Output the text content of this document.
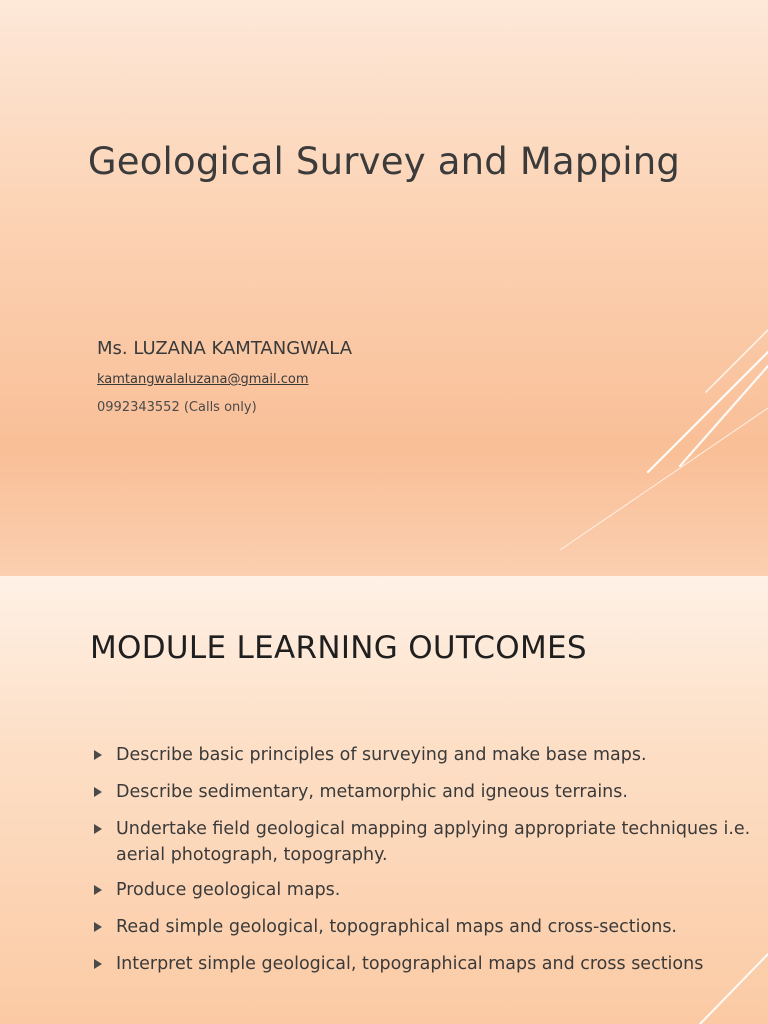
Geological Survey and Mapping

Ms. LUZANA KAMTANGWALA

kamtangwalaluzana@gmail.com
0992343552 (Calls only)
MODULE LEARNING OUTCOMES
Describe basic principles of surveying and make base maps.
Describe sedimentary, metamorphic and igneous terrains.
Undertake field geological mapping applying appropriate techniques i.e. aerial photograph, topography.
Produce geological maps.
Read simple geological, topographical maps and cross-sections.
Interpret simple geological, topographical maps and cross sections
